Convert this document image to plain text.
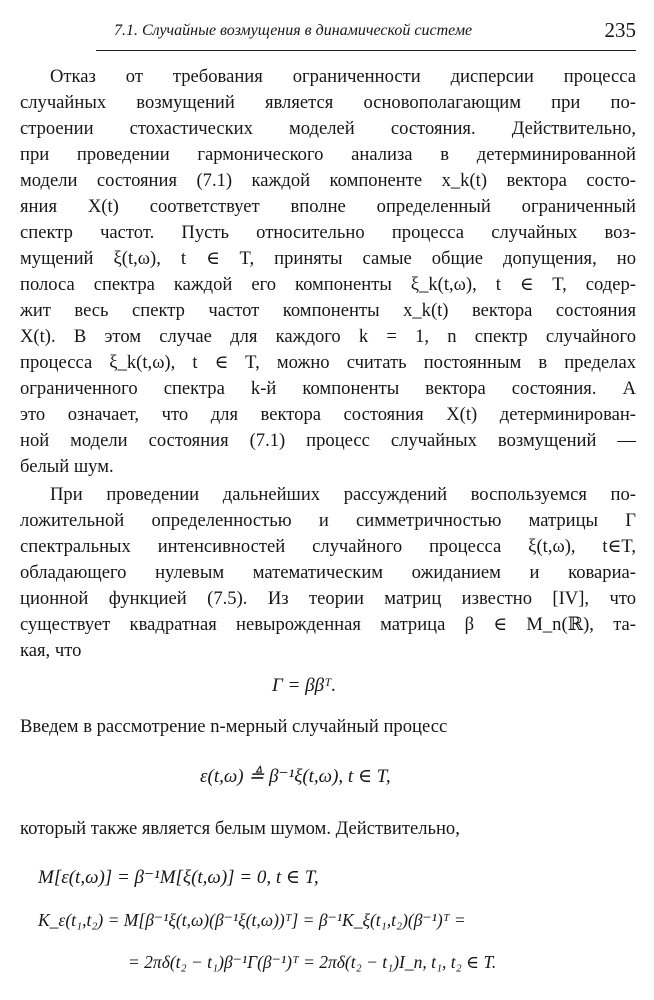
7.1. Случайные возмущения в динамической системе	235
Отказ от требования ограниченности дисперсии процесса
случайных возмущений является основополагающим при по-
строении стохастических моделей состояния. Действительно,
при проведении гармонического анализа в детерминированной
модели состояния (7.1) каждой компоненте x_k(t) вектора состо-
яния X(t) соответствует вполне определенный ограниченный
спектр частот. Пусть относительно процесса случайных воз-
мущений ξ(t,ω), t ∈ T, приняты самые общие допущения, но
полоса спектра каждой его компоненты ξ_k(t,ω), t ∈ T, содер-
жит весь спектр частот компоненты x_k(t) вектора состояния
X(t). В этом случае для каждого k = 1, n спектр случайного
процесса ξ_k(t,ω), t ∈ T, можно считать постоянным в пределах
ограниченного спектра k-й компоненты вектора состояния. А
это означает, что для вектора состояния X(t) детерминирован-
ной модели состояния (7.1) процесс случайных возмущений —
белый шум.
При проведении дальнейших рассуждений воспользуемся по-
ложительной определенностью и симметричностью матрицы Γ
спектральных интенсивностей случайного процесса ξ(t,ω), t∈T,
обладающего нулевым математическим ожиданием и ковариа-
ционной функцией (7.5). Из теории матриц известно [IV], что
существует квадратная невырожденная матрица β ∈ M_n(ℝ), та-
кая, что
Γ = ββᵀ.
Введем в рассмотрение n-мерный случайный процесс
ε(t,ω) ≜ β⁻¹ξ(t,ω), t ∈ T,
который также является белым шумом. Действительно,
M[ε(t,ω)] = β⁻¹M[ξ(t,ω)] = 0, t ∈ T,
K_ε(t₁,t₂) = M[β⁻¹ξ(t,ω)(β⁻¹ξ(t,ω))ᵀ] = β⁻¹K_ξ(t₁,t₂)(β⁻¹)ᵀ =
= 2πδ(t₂ − t₁)β⁻¹Γ(β⁻¹)ᵀ = 2πδ(t₂ − t₁)I_n, t₁, t₂ ∈ T.
